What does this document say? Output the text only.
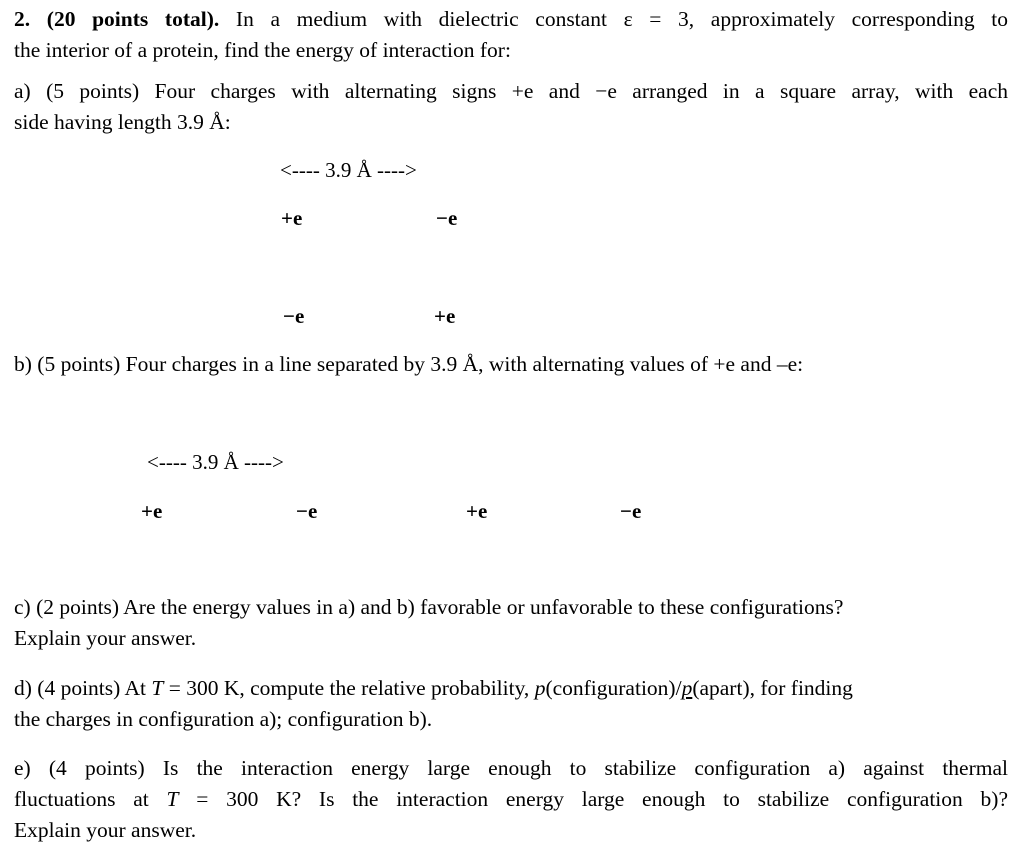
2. (20 points total). In a medium with dielectric constant ε = 3, approximately corresponding to
the interior of a protein, find the energy of interaction for:
a) (5 points) Four charges with alternating signs +e and −e arranged in a square array, with each
side having length 3.9 Å:
<---- 3.9 Å ---->
+e	−e
−e	+e
b) (5 points) Four charges in a line separated by 3.9 Å, with alternating values of +e and –e:
<---- 3.9 Å ---->
+e	−e	+e	−e
c) (2 points) Are the energy values in a) and b) favorable or unfavorable to these configurations?
Explain your answer.
d) (4 points) At T = 300 K, compute the relative probability, p(configuration)/p(apart), for finding
the charges in configuration a); configuration b).
e) (4 points) Is the interaction energy large enough to stabilize configuration a) against thermal
fluctuations at T = 300 K? Is the interaction energy large enough to stabilize configuration b)?
Explain your answer.
